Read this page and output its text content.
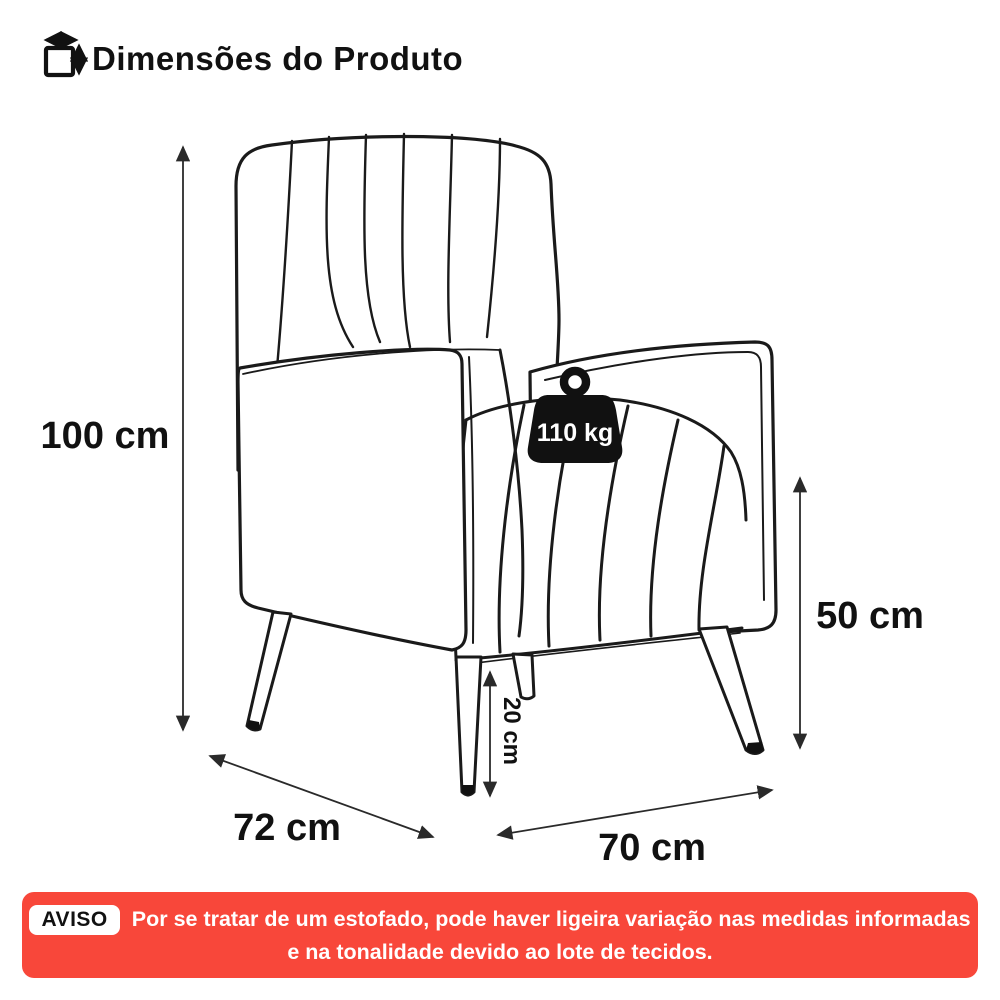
Dimensões do Produto
110 kg
100 cm
50 cm
72 cm	70 cm
20 cm
AVISO	Por se tratar de um estofado, pode haver ligeira variação nas medidas informadas
e na tonalidade devido ao lote de tecidos.
